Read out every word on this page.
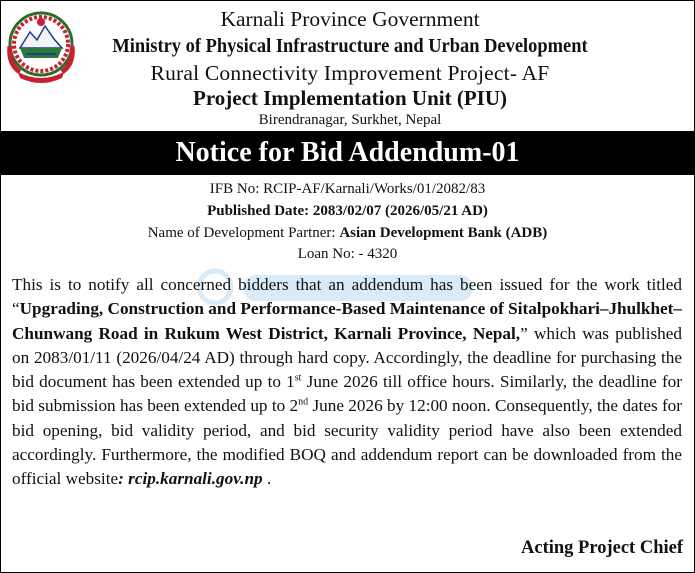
Karnali Province Government
Ministry of Physical Infrastructure and Urban Development
Rural Connectivity Improvement Project- AF
Project Implementation Unit (PIU)
Birendranagar, Surkhet, Nepal
Notice for Bid Addendum-01
IFB No: RCIP-AF/Karnali/Works/01/2082/83
Published Date: 2083/02/07 (2026/05/21 AD)
Name of Development Partner: Asian Development Bank (ADB)
Loan No: - 4320
This is to notify all concerned bidders that an addendum has been issued for the work titled “Upgrading, Construction and Performance-Based Maintenance of Sitalpokhari–Jhulkhet–Chunwang Road in Rukum West District, Karnali Province, Nepal,” which was published on 2083/01/11 (2026/04/24 AD) through hard copy. Accordingly, the deadline for purchasing the bid document has been extended up to 1st June 2026 till office hours. Similarly, the deadline for bid submission has been extended up to 2nd June 2026 by 12:00 noon. Consequently, the dates for bid opening, bid validity period, and bid security validity period have also been extended accordingly. Furthermore, the modified BOQ and addendum report can be downloaded from the official website: rcip.karnali.gov.np .
Acting Project Chief
